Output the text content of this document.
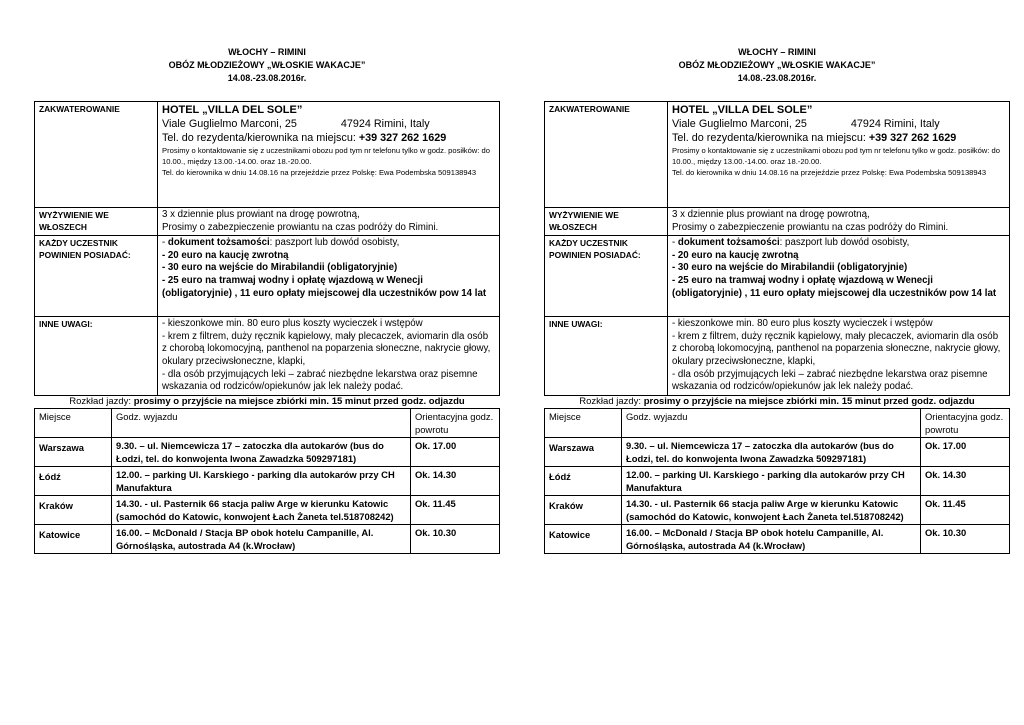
WŁOCHY – RIMINI
OBÓZ MŁODZIEŻOWY „WŁOSKIE WAKACJE”
14.08.-23.08.2016r.
ZAKWATEROWANIE	HOTEL „VILLA DEL SOLE”
Viale Guglielmo Marconi, 25 47924 Rimini, Italy
Tel. do rezydenta/kierownika na miejscu: +39 327 262 1629
Prosimy o kontaktowanie się z uczestnikami obozu pod tym nr telefonu tylko w godz. posiłków: do 10.00., między 13.00.-14.00. oraz 18.-20.00.
Tel. do kierownika w dniu 14.08.16 na przejeździe przez Polskę: Ewa Podembska 509138943

WYŻYWIENIE WE WŁOSZECH	3 x dziennie plus prowiant na drogę powrotną,
Prosimy o zabezpieczenie prowiantu na czas podróży do Rimini.

KAŻDY UCZESTNIK POWINIEN POSIADAĆ:	- dokument tożsamości: paszport lub dowód osobisty,
- 20 euro na kaucję zwrotną
- 30 euro na wejście do Mirabilandii (obligatoryjnie)
- 25 euro na tramwaj wodny i opłatę wjazdową w Wenecji (obligatoryjnie) , 11 euro opłaty miejscowej dla uczestników pow 14 lat

INNE UWAGI:	- kieszonkowe min. 80 euro plus koszty wycieczek i wstępów
- krem z filtrem, duży ręcznik kąpielowy, mały plecaczek, aviomarin dla osób z chorobą lokomocyjną, panthenol na poparzenia słoneczne, nakrycie głowy, okulary przeciwsłoneczne, klapki,
- dla osób przyjmujących leki – zabrać niezbędne lekarstwa oraz pisemne wskazania od rodziców/opiekunów jak lek należy podać.
Rozkład jazdy: prosimy o przyjście na miejsce zbiórki min. 15 minut przed godz. odjazdu
Miejsce	Godz. wyjazdu	Orientacyjna godz. powrotu
Warszawa	9.30. – ul. Niemcewicza 17 – zatoczka dla autokarów (bus do Łodzi, tel. do konwojenta Iwona Zawadzka 509297181)	Ok. 17.00
Łódź	12.00. – parking Ul. Karskiego - parking dla autokarów przy CH Manufaktura	Ok. 14.30
Kraków	14.30. - ul. Pasternik 66 stacja paliw Arge w kierunku Katowic (samochód do Katowic, konwojent Łach Żaneta tel.518708242)	Ok. 11.45
Katowice	16.00. – McDonald / Stacja BP obok hotelu Campanille, Al. Górnośląska, autostrada A4 (k.Wrocław)	Ok. 10.30
WŁOCHY – RIMINI
OBÓZ MŁODZIEŻOWY „WŁOSKIE WAKACJE”
14.08.-23.08.2016r.
ZAKWATEROWANIE	HOTEL „VILLA DEL SOLE”
Viale Guglielmo Marconi, 25 47924 Rimini, Italy
Tel. do rezydenta/kierownika na miejscu: +39 327 262 1629
Prosimy o kontaktowanie się z uczestnikami obozu pod tym nr telefonu tylko w godz. posiłków: do 10.00., między 13.00.-14.00. oraz 18.-20.00.
Tel. do kierownika w dniu 14.08.16 na przejeździe przez Polskę: Ewa Podembska 509138943

WYŻYWIENIE WE WŁOSZECH	3 x dziennie plus prowiant na drogę powrotną,
Prosimy o zabezpieczenie prowiantu na czas podróży do Rimini.

KAŻDY UCZESTNIK POWINIEN POSIADAĆ:	- dokument tożsamości: paszport lub dowód osobisty,
- 20 euro na kaucję zwrotną
- 30 euro na wejście do Mirabilandii (obligatoryjnie)
- 25 euro na tramwaj wodny i opłatę wjazdową w Wenecji (obligatoryjnie) , 11 euro opłaty miejscowej dla uczestników pow 14 lat

INNE UWAGI:	- kieszonkowe min. 80 euro plus koszty wycieczek i wstępów
- krem z filtrem, duży ręcznik kąpielowy, mały plecaczek, aviomarin dla osób z chorobą lokomocyjną, panthenol na poparzenia słoneczne, nakrycie głowy, okulary przeciwsłoneczne, klapki,
- dla osób przyjmujących leki – zabrać niezbędne lekarstwa oraz pisemne wskazania od rodziców/opiekunów jak lek należy podać.
Rozkład jazdy: prosimy o przyjście na miejsce zbiórki min. 15 minut przed godz. odjazdu
Miejsce	Godz. wyjazdu	Orientacyjna godz. powrotu
Warszawa	9.30. – ul. Niemcewicza 17 – zatoczka dla autokarów (bus do Łodzi, tel. do konwojenta Iwona Zawadzka 509297181)	Ok. 17.00
Łódź	12.00. – parking Ul. Karskiego - parking dla autokarów przy CH Manufaktura	Ok. 14.30
Kraków	14.30. - ul. Pasternik 66 stacja paliw Arge w kierunku Katowic (samochód do Katowic, konwojent Łach Żaneta tel.518708242)	Ok. 11.45
Katowice	16.00. – McDonald / Stacja BP obok hotelu Campanille, Al. Górnośląska, autostrada A4 (k.Wrocław)	Ok. 10.30
